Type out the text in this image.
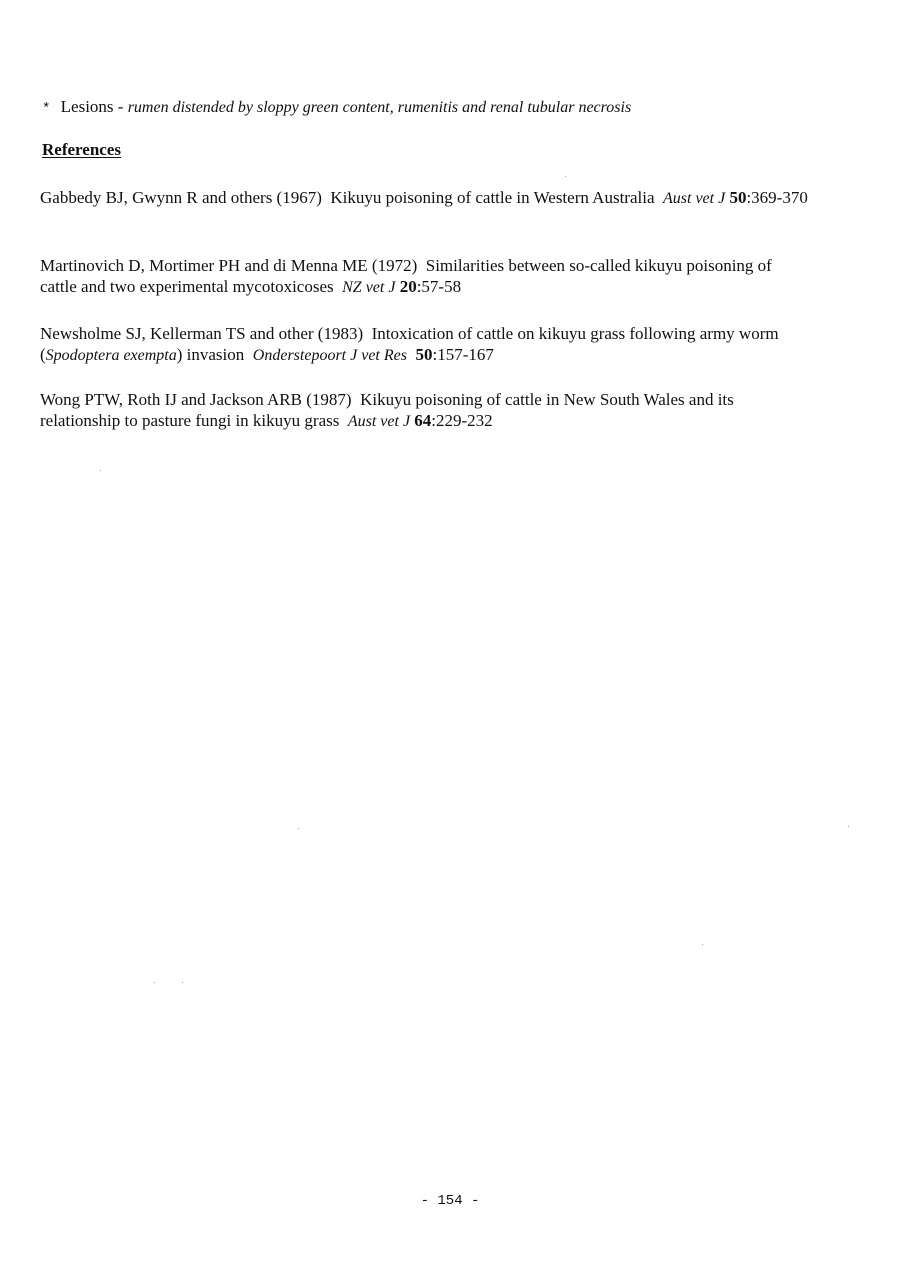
* Lesions - rumen distended by sloppy green content, rumenitis and renal tubular necrosis
References
Gabbedy BJ, Gwynn R and others (1967) Kikuyu poisoning of cattle in Western Australia Aust vet J 50:369-370
Martinovich D, Mortimer PH and di Menna ME (1972) Similarities between so-called kikuyu poisoning of cattle and two experimental mycotoxicoses NZ vet J 20:57-58
Newsholme SJ, Kellerman TS and other (1983) Intoxication of cattle on kikuyu grass following army worm (Spodoptera exempta) invasion Onderstepoort J vet Res 50:157-167
Wong PTW, Roth IJ and Jackson ARB (1987) Kikuyu poisoning of cattle in New South Wales and its relationship to pasture fungi in kikuyu grass Aust vet J 64:229-232
- 154 -
